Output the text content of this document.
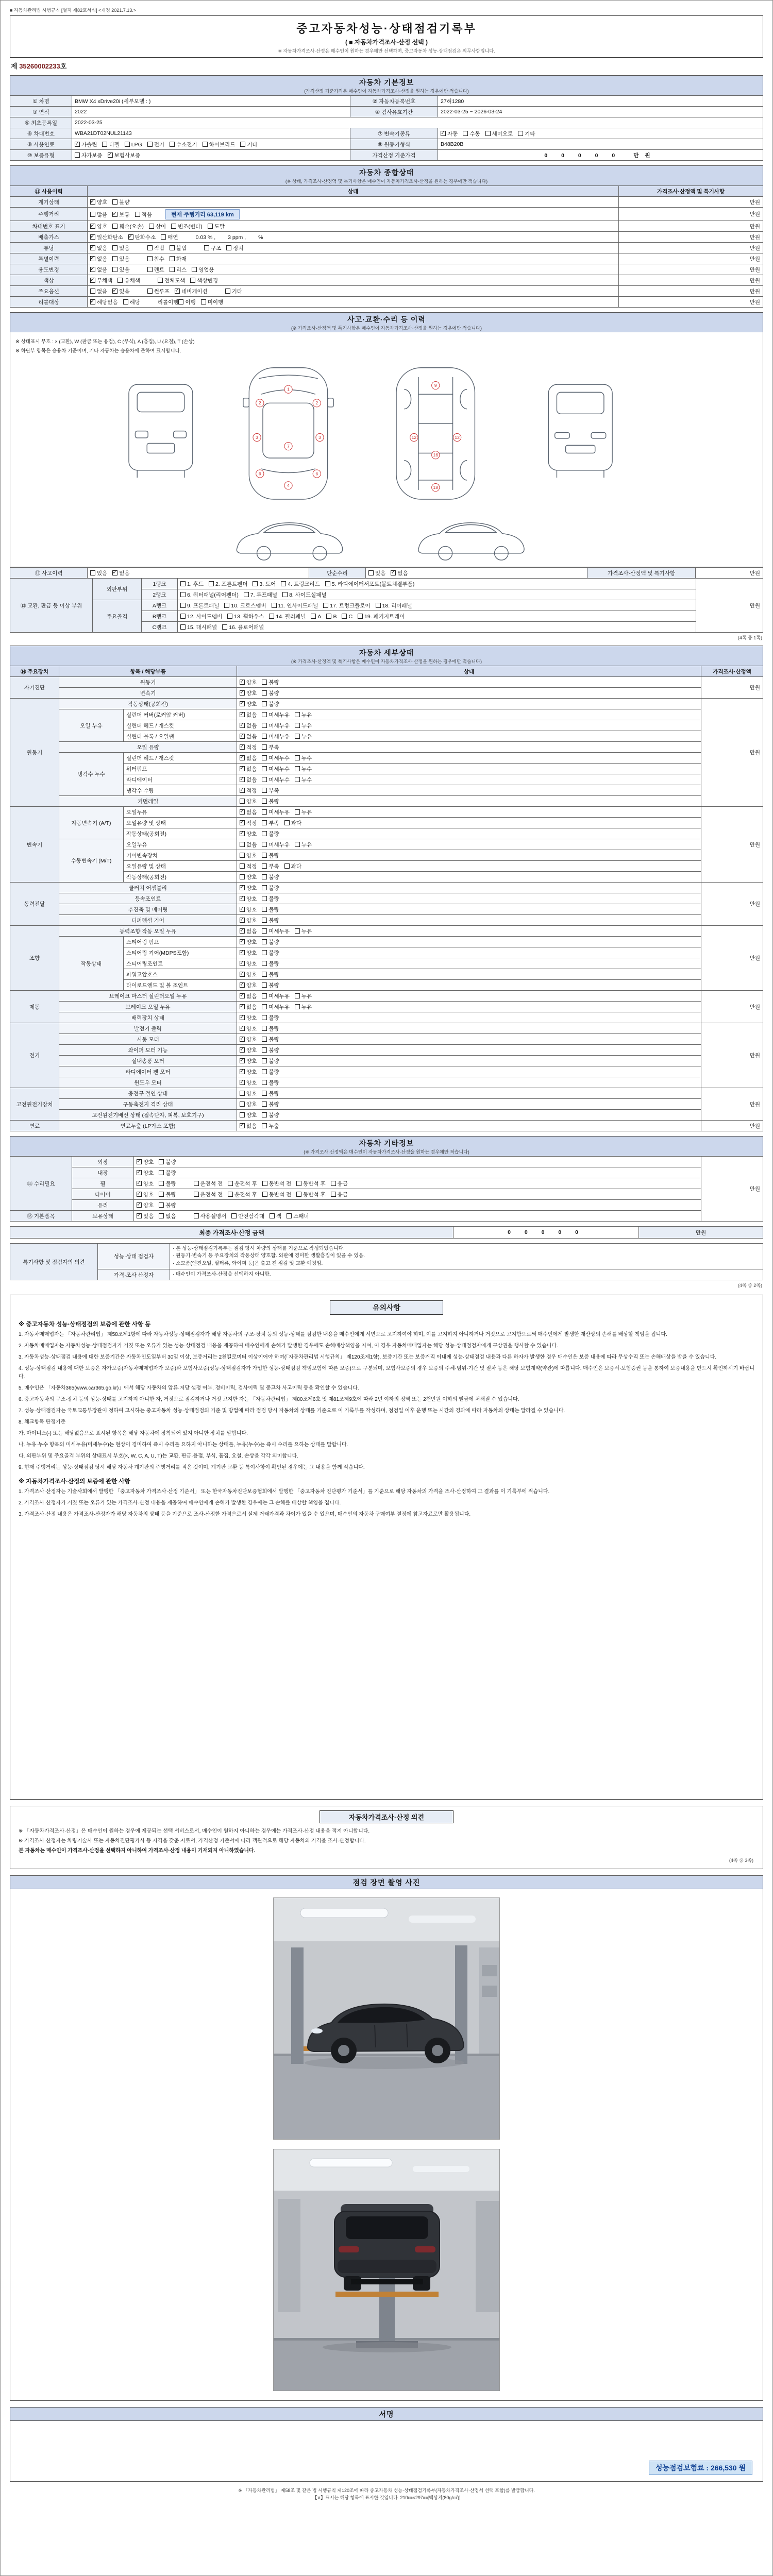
■ 자동차관리법 시행규칙 [별지 제82호서식] <개정 2021.7.13.>
중고자동차성능·상태점검기록부
( ■ 자동차가격조사·산정 선택 )
※ 자동차가격조사·산정은 매수인이 원하는 경우에만 선택하며, 중고자동차 성능·상태점검은 의무사항입니다.
제 35260002233호
자동차 기본정보
(가격산정 기준가격은 매수인이 자동차가격조사·산정을 원하는 경우에만 적습니다)
① 차명	BMW X4 xDrive20i (세부모델 : )	② 자동차등록번호	27허1280
③ 연식	2022	④ 검사유효기간	2022-03-25 ~ 2026-03-24
⑤ 최초등록일	2022-03-25		
⑥ 차대번호	WBA21DT02NUL21143	⑦ 변속기종류	✓자동 수동 세미오토 기타
⑧ 사용연료	✓가솔린 디젤 LPG 전기 수소전기 하이브리드 기타	⑨ 원동기형식	B48B20B
⑩ 보증유형	자가보증 ✓ 보험사보증	가격산정 기준가격	0 0 0 0 0 만원
자동차 종합상태
(※ 상태, 가격조사·산정액 및 특기사항은 매수인이 자동차가격조사·산정을 원하는 경우에만 적습니다)
⑪ 사용이력	상태	가격조사·산정액 및 특기사항
계기상태	✓양호 불량	만원
주행거리	많음 ✓ 보통 적음 현재 주행거리 63,119 km	만원
차대번호 표기	✓양호 훼손(오손) 상이 변조(변타) 도말	만원
배출가스	✓일산화탄소 ✓ 탄화수소 매연 0.03 % , 3 ppm , %	만원
튜닝	✓없음 있음 적법 불법 구조 장치	만원
특별이력	✓없음 있음 침수 화재	만원
용도변경	✓없음 있음 렌트 리스 영업용	만원
색상	✓무채색 유채색 전체도색 색상변경	만원
주요옵션	없음 ✓ 있음 썬루프 ✓ 네비게이션 기타	만원
리콜대상	✓해당없음 해당 리콜이행 이행 미이행	만원
사고·교환·수리 등 이력
(※ 가격조사·산정액 및 특기사항은 매수인이 자동차가격조사·산정을 원하는 경우에만 적습니다)
※ 상태표시 부호 : × (교환), W (판금 또는 용접), C (부식), A (흠집), U (요철), T (손상)
※ 하단부 항목은 승용차 기준이며, 기타 자동차는 승용차에 준하여 표시합니다.
1
2	2
3	3
7
6	6
4
9
12	12
16
18
⑫ 사고이력	있음 ✓ 없음	단순수리	있음 ✓ 없음	가격조사·산정액 및 특기사항	만원
⑬ 교환, 판금 등 이상 부위	외판부위	1랭크	1. 후드 2. 프론트펜더 3. 도어 4. 트렁크리드 5. 라디에이터서포트(볼트체결부품)	만원
		2랭크	6. 쿼터패널(리어펜더) 7. 루프패널 8. 사이드실패널	
	주요골격	A랭크	9. 프론트패널 10. 크로스멤버 11. 인사이드패널 17. 트렁크플로어 18. 리어패널	
		B랭크	12. 사이드멤버 13. 휠하우스 14. 필러패널 A B C 19. 패키지트레이	
		C랭크	15. 대시패널 16. 플로어패널	
(4쪽 중 1쪽)
자동차 세부상태
(※ 가격조사·산정액 및 특기사항은 매수인이 자동차가격조사·산정을 원하는 경우에만 적습니다)
⑭ 주요장치	항목 / 해당부품		상태	가격조사·산정액
자기진단	원동기	✓양호 불량	만원
	변속기	✓양호 불량
원동기	작동상태(공회전)	✓양호 불량	만원
	오일 누유	실린더 커버(로커암 커버)	✓없음 미세누유 누유
		실린더 헤드 / 개스킷	✓없음 미세누유 누유
		실린더 블록 / 오일팬	✓없음 미세누유 누유
	오일 유량	✓적정 부족
	냉각수 누수	실린더 헤드 / 개스킷	✓없음 미세누수 누수
		워터펌프	✓없음 미세누수 누수
		라디에이터	✓없음 미세누수 누수
		냉각수 수량	✓적정 부족
	커먼레일		양호 불량	
변속기	자동변속기 (A/T)	오일누유	✓없음 미세누유 누유	만원
		오일유량 및 상태	✓적정 부족 과다
		작동상태(공회전)	✓양호 불량
	수동변속기 (M/T)	오일누유	없음 미세누유 누유	
		기어변속장치	양호 불량	
		오일유량 및 상태	적정 부족 과다	
		작동상태(공회전)	양호 불량	
동력전달	클러치 어셈블리	✓양호 불량	만원
	등속조인트	✓양호 불량
	추진축 및 베어링	✓양호 불량
	디퍼렌셜 기어	✓양호 불량
조향	동력조향 작동 오일 누유	✓없음 미세누유 누유	만원
	작동상태	스티어링 펌프	✓양호 불량
		스티어링 기어(MDPS포함)	✓양호 불량
		스티어링조인트	✓양호 불량
		파워고압호스	✓양호 불량
		타이로드엔드 및 볼 조인트	✓양호 불량
제동	브레이크 마스터 실린더오일 누유	✓없음 미세누유 누유	만원
	브레이크 오일 누유	✓없음 미세누유 누유
	배력장치 상태	✓양호 불량
전기	발전기 출력	✓양호 불량	만원
	시동 모터	✓양호 불량
	와이퍼 모터 기능	✓양호 불량
	실내송풍 모터	✓양호 불량
	라디에이터 팬 모터	✓양호 불량
	윈도우 모터	✓양호 불량
고전원전기장치	충전구 절연 상태		양호 불량	만원
	구동축전지 격리 상태		양호 불량	
	고전원전기배선 상태 (접속단자, 피복, 보호기구)		양호 불량	
연료	연료누출 (LP가스 포함)	✓없음 누출	만원
자동차 기타정보
(※ 가격조사·산정액은 매수인이 자동차가격조사·산정을 원하는 경우에만 적습니다)
⑮ 수리필요	외장	✓양호 불량	만원
	내장	✓양호 불량
	휠	✓양호 불량 운전석 전 운전석 후 동반석 전 동반석 후 응급
	타이어	✓양호 불량 운전석 전 운전석 후 동반석 전 동반석 후 응급
	유리	✓양호 불량
⑯ 기본품목	보유상태	✓있음 없음 사용설명서 안전삼각대 잭 스패너
최종 가격조사·산정 금액	0 0 0 0 0	만원
특기사항 및 점검자의 의견	성능·상태 점검자	· 본 성능·상태점검기록부는 점검 당시 차량의 상태를 기준으로 작성되었습니다.
· 원동기·변속기 등 주요장치의 작동상태 양호함. 외판에 경미한 생활흠집이 있을 수 있음.
· 소모품(엔진오일, 필터류, 와이퍼 등)은 출고 전 점검 및 교환 예정임.

	가격·조사 산정자	· 매수인이 가격조사·산정을 선택하지 아니함.
(4쪽 중 2쪽)
유의사항
※ 중고자동차 성능·상태점검의 보증에 관한 사항 등
1. 자동차매매업자는 「자동차관리법」 제58조제1항에 따라 자동차성능·상태점검자가 해당 자동차의 구조·장치 등의 성능·상태를 점검한 내용을 매수인에게 서면으로 고지하여야 하며, 이를 고지하지 아니하거나 거짓으로 고지함으로써 매수인에게 발생한 재산상의 손해를 배상할 책임을 집니다.
2. 자동차매매업자는 자동차성능·상태점검자가 거짓 또는 오류가 있는 성능·상태점검 내용을 제공하여 매수인에게 손해가 발생한 경우에도 손해배상책임을 지며, 이 경우 자동차매매업자는 해당 성능·상태점검자에게 구상권을 행사할 수 있습니다.
3. 자동차성능·상태점검 내용에 대한 보증기간은 자동차인도일부터 30일 이상, 보증거리는 2천킬로미터 이상이어야 하며(「자동차관리법 시행규칙」 제120조제1항), 보증기간 또는 보증거리 이내에 성능·상태점검 내용과 다른 하자가 발생한 경우 매수인은 보증 내용에 따라 무상수리 또는 손해배상을 받을 수 있습니다.
4. 성능·상태점검 내용에 대한 보증은 자가보증(자동차매매업자가 보증)과 보험사보증(성능·상태점검자가 가입한 성능·상태점검 책임보험에 따른 보증)으로 구분되며, 보험사보증의 경우 보증의 주체·범위·기간 및 절차 등은 해당 보험계약(약관)에 따릅니다. 매수인은 보증서·보험증권 등을 통하여 보증내용을 반드시 확인하시기 바랍니다.
5. 매수인은 「자동차365(www.car365.go.kr)」에서 해당 자동차의 압류·저당 설정 여부, 정비이력, 검사이력 및 중고차 사고이력 등을 확인할 수 있습니다.
6. 중고자동차의 구조·장치 등의 성능·상태를 고지하지 아니한 자, 거짓으로 점검하거나 거짓 고지한 자는 「자동차관리법」 제80조제6호 및 제81조제9호에 따라 2년 이하의 징역 또는 2천만원 이하의 벌금에 처해질 수 있습니다.
7. 성능·상태점검자는 국토교통부장관이 정하여 고시하는 중고자동차 성능·상태점검의 기준 및 방법에 따라 점검 당시 자동차의 상태를 기준으로 이 기록부를 작성하며, 점검일 이후 운행 또는 시간의 경과에 따라 자동차의 상태는 달라질 수 있습니다.
8. 체크항목 판정기준
가. 마이너스(-) 또는 해당없음으로 표시된 항목은 해당 자동차에 장착되어 있지 아니한 장치를 말합니다.
나. 누유·누수 항목의 미세누유(미세누수)는 현상이 경미하여 즉시 수리를 요하지 아니하는 상태를, 누유(누수)는 즉시 수리를 요하는 상태를 말합니다.
다. 외판부위 및 주요골격 부위의 상태표시 부호(×, W, C, A, U, T)는 교환, 판금·용접, 부식, 흠집, 요철, 손상을 각각 의미합니다.
9. 현재 주행거리는 성능·상태점검 당시 해당 자동차 계기판의 주행거리를 적은 것이며, 계기판 교환 등 특이사항이 확인된 경우에는 그 내용을 함께 적습니다.
※ 자동차가격조사·산정의 보증에 관한 사항
1. 가격조사·산정자는 기술사회에서 발행한 「중고자동차 가격조사·산정 기준서」 또는 한국자동차진단보증협회에서 발행한 「중고자동차 진단평가 기준서」를 기준으로 해당 자동차의 가격을 조사·산정하여 그 결과를 이 기록부에 적습니다.
2. 가격조사·산정자가 거짓 또는 오류가 있는 가격조사·산정 내용을 제공하여 매수인에게 손해가 발생한 경우에는 그 손해를 배상할 책임을 집니다.
3. 가격조사·산정 내용은 가격조사·산정자가 해당 자동차의 상태 등을 기준으로 조사·산정한 가격으로서 실제 거래가격과 차이가 있을 수 있으며, 매수인의 자동차 구매여부 결정에 참고자료로만 활용됩니다.
자동차가격조사·산정 의견
※ 「자동차가격조사·산정」은 매수인이 원하는 경우에 제공되는 선택 서비스로서, 매수인이 원하지 아니하는 경우에는 가격조사·산정 내용을 적지 아니합니다.
※ 가격조사·산정자는 차량기술사 또는 자동차진단평가사 등 자격을 갖춘 자로서, 가격산정 기준서에 따라 객관적으로 해당 자동차의 가격을 조사·산정합니다.
본 자동차는 매수인이 가격조사·산정을 선택하지 아니하여 가격조사·산정 내용이 기재되지 아니하였습니다.
(4쪽 중 3쪽)
점검 장면 촬영 사진
서명
성능점검보험료 : 266,530 원
※ 「자동차관리법」 제58조 및 같은 법 시행규칙 제120조에 따라 중고자동차 성능·상태점검기록부(자동차가격조사·산정서 선택 포함)를 발급합니다.
【∨】표시는 해당 항목에 표시한 것입니다. 210㎜×297㎜[백상지(80g/㎡)]
